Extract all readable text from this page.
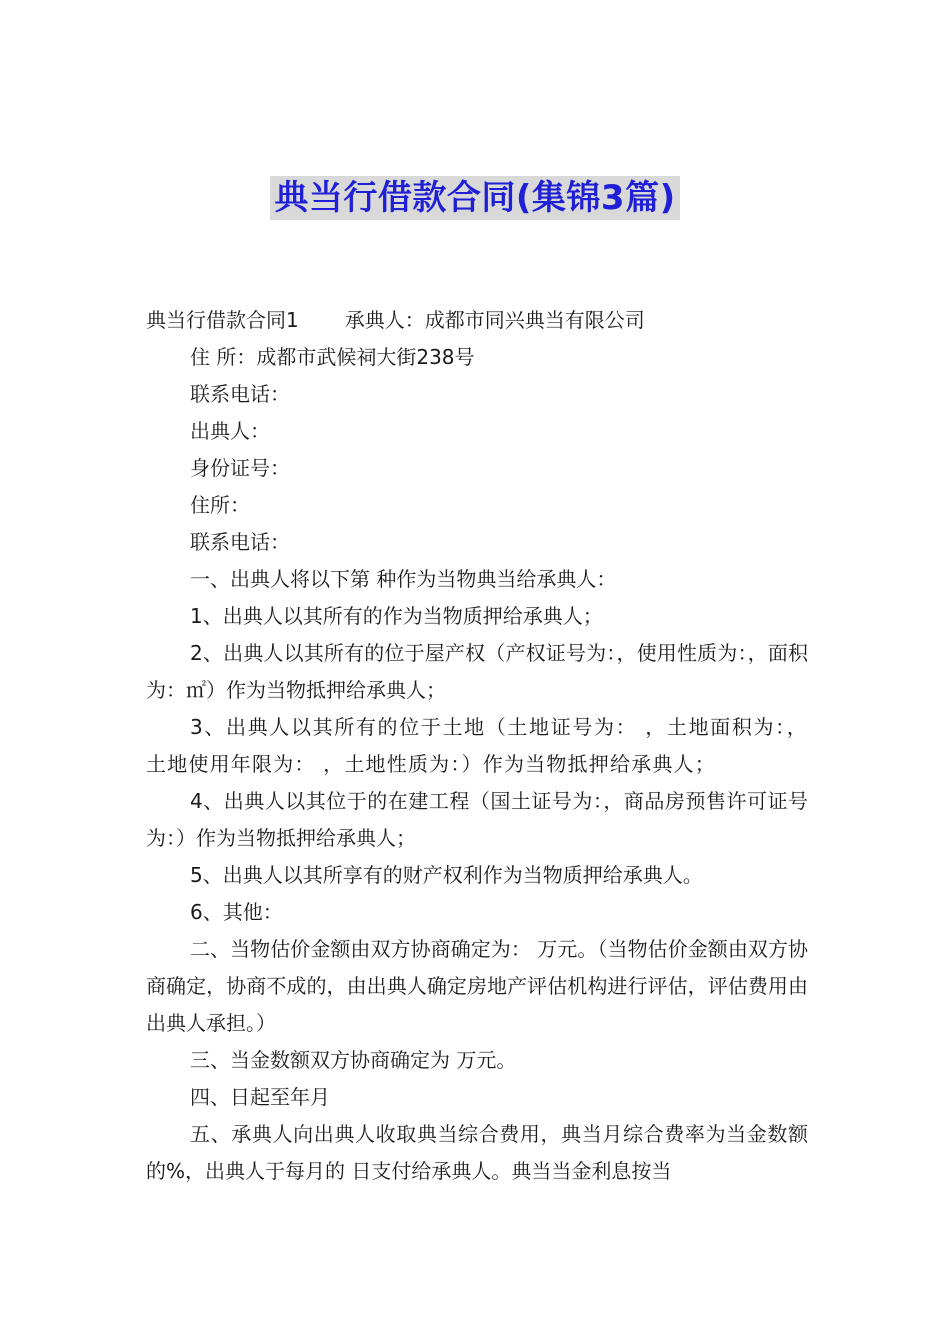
典当行借款合同(集锦3篇)

典当行借款合同1 承典人：成都市同兴典当有限公司

住 所：成都市武候祠大街238号

联系电话：

出典人：

身份证号：

住所：

联系电话：

一、出典人将以下第 种作为当物典当给承典人：

1、出典人以其所有的作为当物质押给承典人；

2、出典人以其所有的位于屋产权（产权证号为：，使用性质为：，面积为：㎡）作为当物抵押给承典人；

3、出典人以其所有的位于土地（土地证号为： ，土地面积为：，土地使用年限为： ，土地性质为：）作为当物抵押给承典人；

4、出典人以其位于的在建工程（国土证号为：，商品房预售许可证号为：）作为当物抵押给承典人；

5、出典人以其所享有的财产权利作为当物质押给承典人。

6、其他：

二、当物估价金额由双方协商确定为： 万元。（当物估价金额由双方协商确定，协商不成的，由出典人确定房地产评估机构进行评估，评估费用由出典人承担。）

三、当金数额双方协商确定为 万元。

四、日起至年月

五、承典人向出典人收取典当综合费用，典当月综合费率为当金数额的%，出典人于每月的 日支付给承典人。典当当金利息按当
